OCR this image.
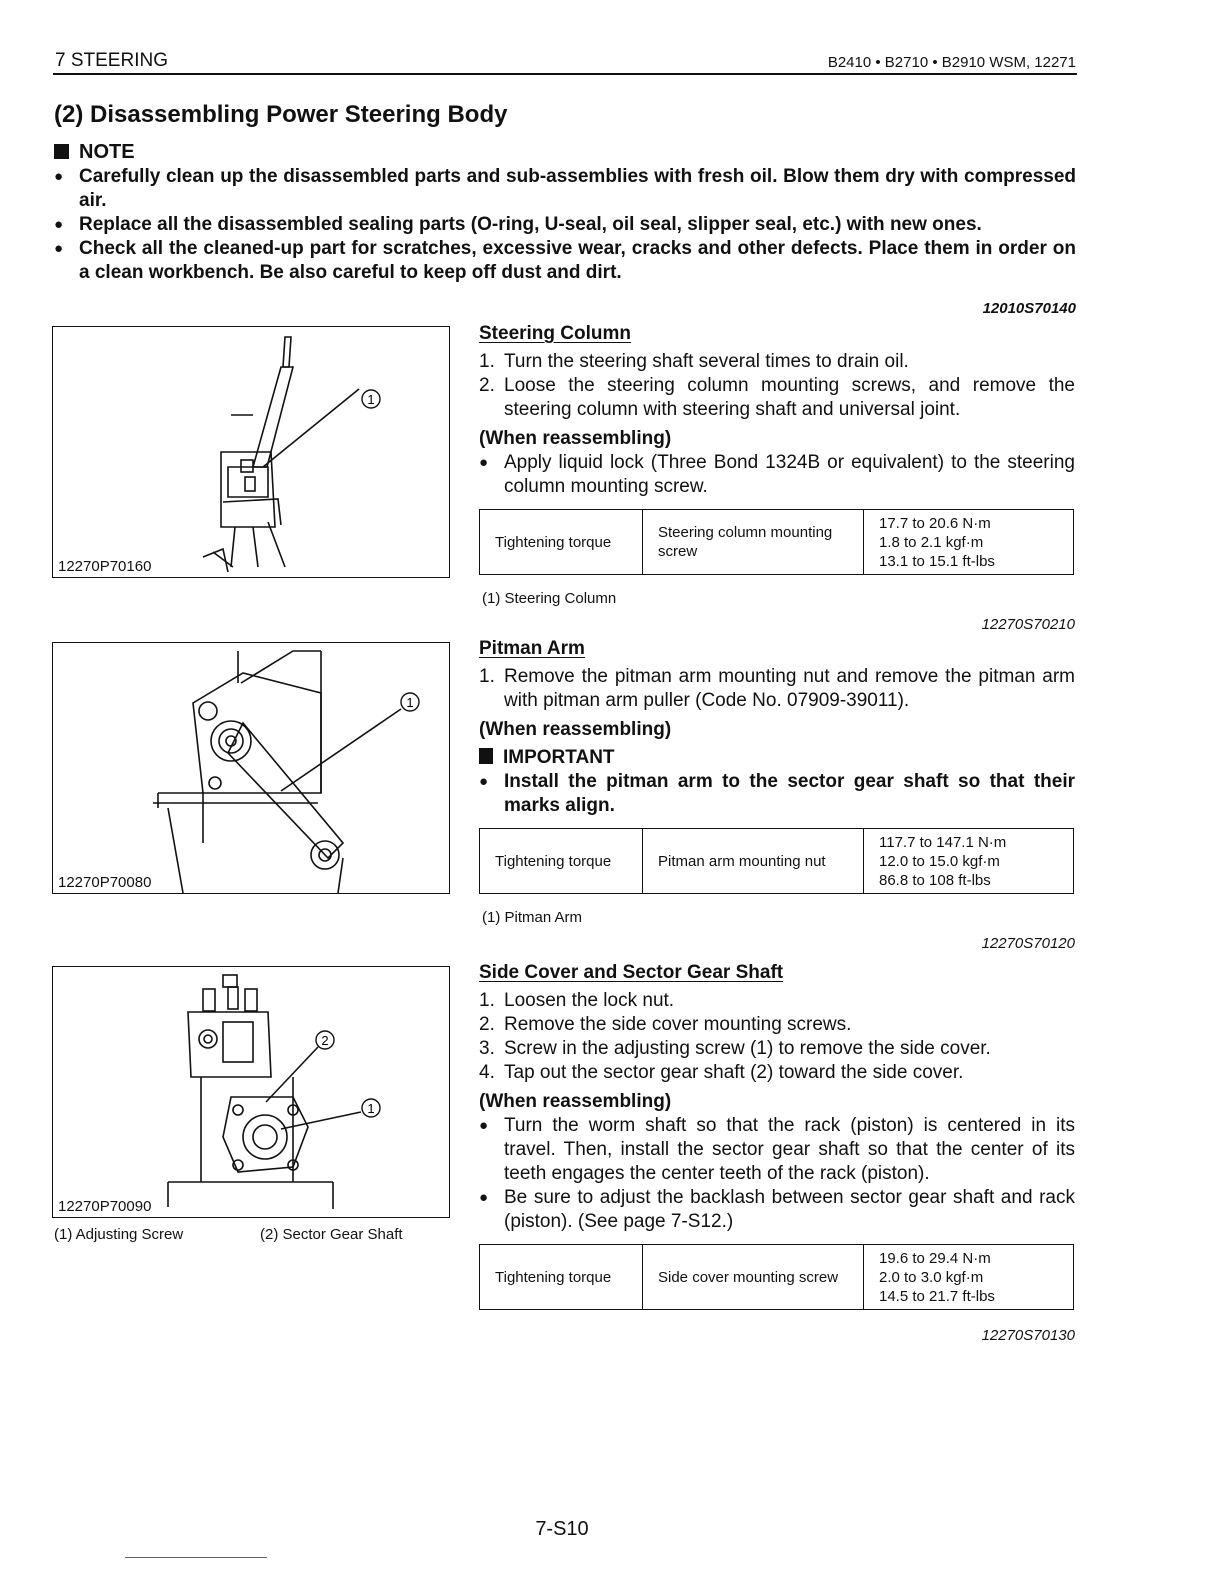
7 STEERING	B2410 • B2710 • B2910 WSM, 12271
(2) Disassembling Power Steering Body
NOTE
● Carefully clean up the disassembled parts and sub-assemblies with fresh oil. Blow them dry with compressed air.
● Replace all the disassembled sealing parts (O-ring, U-seal, oil seal, slipper seal, etc.) with new ones.
● Check all the cleaned-up part for scratches, excessive wear, cracks and other defects. Place them in order on a clean workbench. Be also careful to keep off dust and dirt.
12010S70140
1
12270P70160
1
12270P70080
2
1
12270P70090
(1) Adjusting Screw	(2) Sector Gear Shaft
Steering Column
1. Turn the steering shaft several times to drain oil.
2. Loose the steering column mounting screws, and remove the steering column with steering shaft and universal joint.
(When reassembling)
● Apply liquid lock (Three Bond 1324B or equivalent) to the steering column mounting screw.
Tightening torque	Steering column mounting screw	
17.7 to 20.6 N·m
1.8 to 2.1 kgf·m
13.1 to 15.1 ft-lbs
(1) Steering Column
12270S70210
Pitman Arm
1. Remove the pitman arm mounting nut and remove the pitman arm with pitman arm puller (Code No. 07909-39011).
(When reassembling)
IMPORTANT
● Install the pitman arm to the sector gear shaft so that their marks align.
Tightening torque	Pitman arm mounting nut	
117.7 to 147.1 N·m
12.0 to 15.0 kgf·m
86.8 to 108 ft-lbs
(1) Pitman Arm
12270S70120
Side Cover and Sector Gear Shaft
1. Loosen the lock nut.
2. Remove the side cover mounting screws.
3. Screw in the adjusting screw (1) to remove the side cover.
4. Tap out the sector gear shaft (2) toward the side cover.
(When reassembling)
● Turn the worm shaft so that the rack (piston) is centered in its travel. Then, install the sector gear shaft so that the center of its teeth engages the center teeth of the rack (piston).
● Be sure to adjust the backlash between sector gear shaft and rack (piston). (See page 7-S12.)
Tightening torque	Side cover mounting screw	
19.6 to 29.4 N·m
2.0 to 3.0 kgf·m
14.5 to 21.7 ft-lbs
12270S70130
7-S10
